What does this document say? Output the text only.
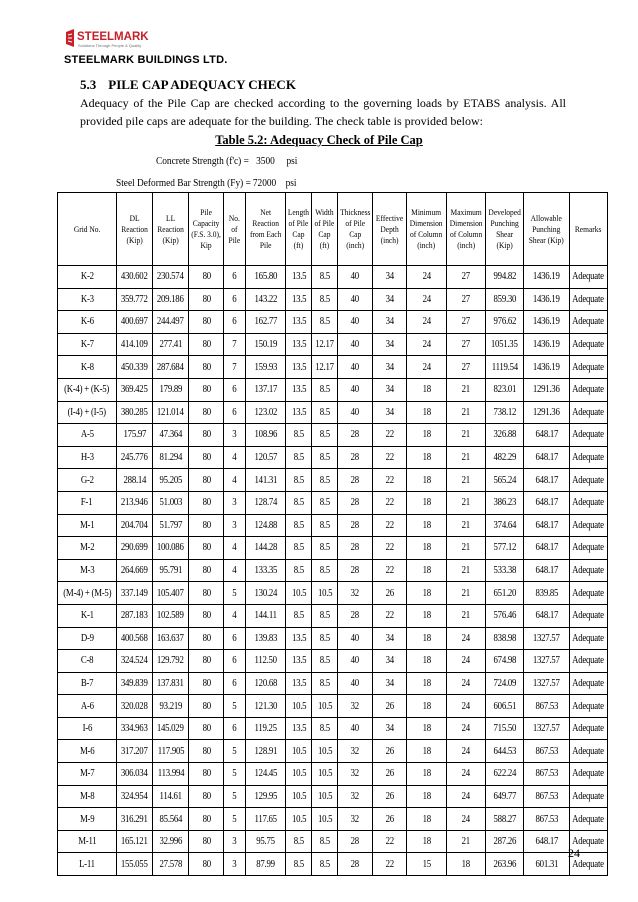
STEELMARK
Solutions Through People & Quality
STEELMARK BUILDINGS LTD.
5.3 PILE CAP ADEQUACY CHECK
Adequacy of the Pile Cap are checked according to the governing loads by ETABS analysis. All provided pile caps are adequate for the building. The check table is provided below:
Table 5.2: Adequacy Check of Pile Cap
Concrete Strength (f'c) = 3500 psi
Steel Deformed Bar Strength (Fy) = 72000 psi
Grid No.	DL Reaction (Kip)	LL Reaction (Kip)	Pile Capacity (F.S. 3.0), Kip	No. of Pile	Net Reaction from Each Pile	Length of Pile Cap (ft)	Width of Pile Cap (ft)	Thickness of Pile Cap (inch)	Effective Depth (inch)	Minimum Dimension of Column (inch)	Maximum Dimension of Column (inch)	Developed Punching Shear (Kip)	Allowable Punching Shear (Kip)	Remarks
K-2	430.602	230.574	80	6	165.80	13.5	8.5	40	34	24	27	994.82	1436.19	Adequate
K-3	359.772	209.186	80	6	143.22	13.5	8.5	40	34	24	27	859.30	1436.19	Adequate
K-6	400.697	244.497	80	6	162.77	13.5	8.5	40	34	24	27	976.62	1436.19	Adequate
K-7	414.109	277.41	80	7	150.19	13.5	12.17	40	34	24	27	1051.35	1436.19	Adequate
K-8	450.339	287.684	80	7	159.93	13.5	12.17	40	34	24	27	1119.54	1436.19	Adequate
(K-4) + (K-5)	369.425	179.89	80	6	137.17	13.5	8.5	40	34	18	21	823.01	1291.36	Adequate
(I-4) + (I-5)	380.285	121.014	80	6	123.02	13.5	8.5	40	34	18	21	738.12	1291.36	Adequate
A-5	175.97	47.364	80	3	108.96	8.5	8.5	28	22	18	21	326.88	648.17	Adequate
H-3	245.776	81.294	80	4	120.57	8.5	8.5	28	22	18	21	482.29	648.17	Adequate
G-2	288.14	95.205	80	4	141.31	8.5	8.5	28	22	18	21	565.24	648.17	Adequate
F-1	213.946	51.003	80	3	128.74	8.5	8.5	28	22	18	21	386.23	648.17	Adequate
M-1	204.704	51.797	80	3	124.88	8.5	8.5	28	22	18	21	374.64	648.17	Adequate
M-2	290.699	100.086	80	4	144.28	8.5	8.5	28	22	18	21	577.12	648.17	Adequate
M-3	264.669	95.791	80	4	133.35	8.5	8.5	28	22	18	21	533.38	648.17	Adequate
(M-4) + (M-5)	337.149	105.407	80	5	130.24	10.5	10.5	32	26	18	21	651.20	839.85	Adequate
K-1	287.183	102.589	80	4	144.11	8.5	8.5	28	22	18	21	576.46	648.17	Adequate
D-9	400.568	163.637	80	6	139.83	13.5	8.5	40	34	18	24	838.98	1327.57	Adequate
C-8	324.524	129.792	80	6	112.50	13.5	8.5	40	34	18	24	674.98	1327.57	Adequate
B-7	349.839	137.831	80	6	120.68	13.5	8.5	40	34	18	24	724.09	1327.57	Adequate
A-6	320.028	93.219	80	5	121.30	10.5	10.5	32	26	18	24	606.51	867.53	Adequate
I-6	334.963	145.029	80	6	119.25	13.5	8.5	40	34	18	24	715.50	1327.57	Adequate
M-6	317.207	117.905	80	5	128.91	10.5	10.5	32	26	18	24	644.53	867.53	Adequate
M-7	306.034	113.994	80	5	124.45	10.5	10.5	32	26	18	24	622.24	867.53	Adequate
M-8	324.954	114.61	80	5	129.95	10.5	10.5	32	26	18	24	649.77	867.53	Adequate
M-9	316.291	85.564	80	5	117.65	10.5	10.5	32	26	18	24	588.27	867.53	Adequate
M-11	165.121	32.996	80	3	95.75	8.5	8.5	28	22	18	21	287.26	648.17	Adequate
L-11	155.055	27.578	80	3	87.99	8.5	8.5	28	22	15	18	263.96	601.31	Adequate
24
